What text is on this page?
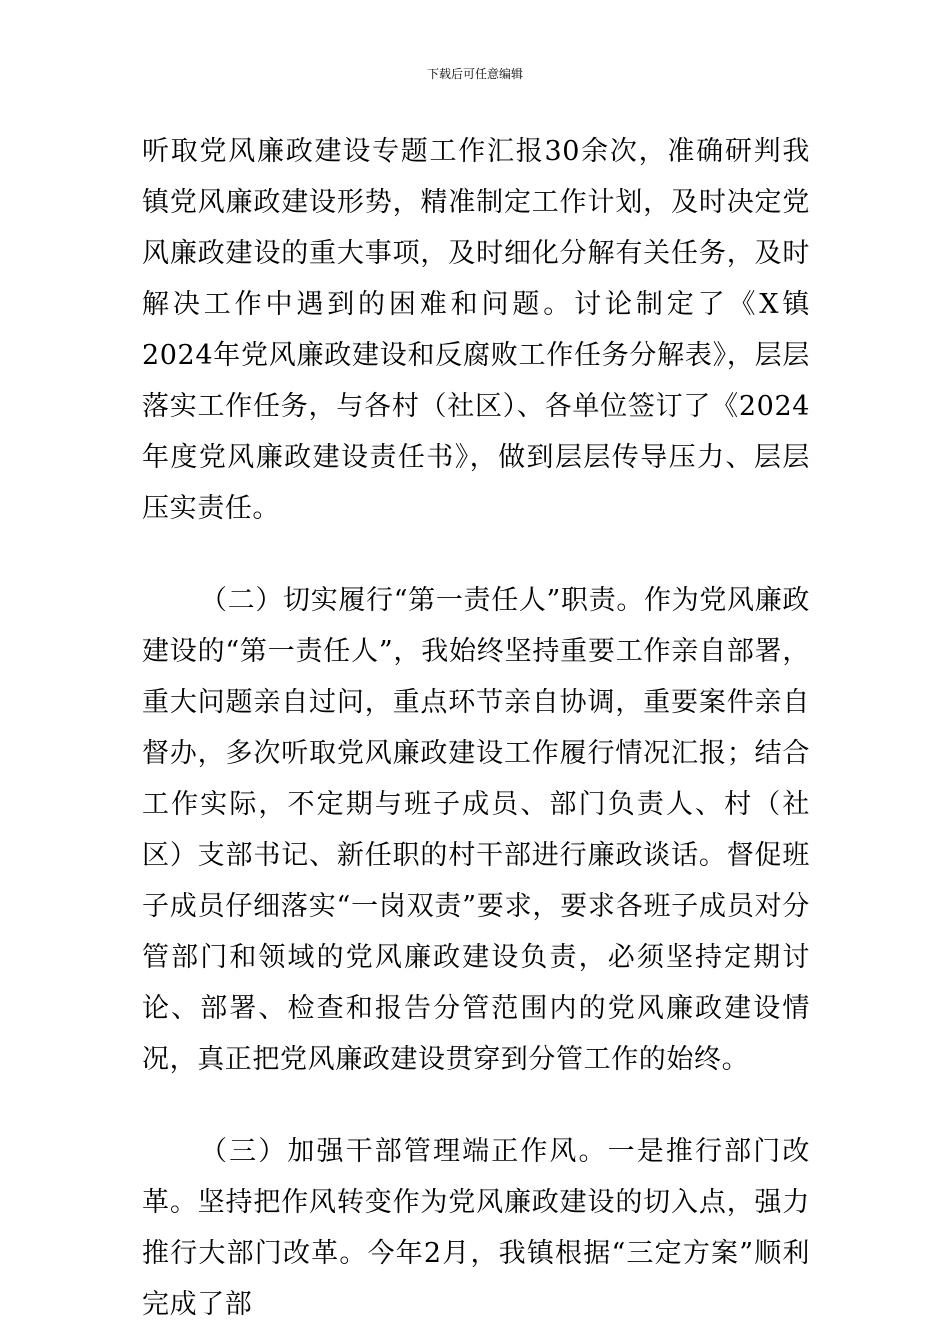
下载后可任意编辑

听取党风廉政建设专题工作汇报30余次，准确研判我镇党风廉政建设形势，精准制定工作计划，及时决定党风廉政建设的重大事项，及时细化分解有关任务，及时解决工作中遇到的困难和问题。讨论制定了《X镇2024年党风廉政建设和反腐败工作任务分解表》，层层落实工作任务，与各村（社区）、各单位签订了《2024年度党风廉政建设责任书》，做到层层传导压力、层层压实责任。

（二）切实履行“第一责任人”职责。作为党风廉政建设的“第一责任人”，我始终坚持重要工作亲自部署，重大问题亲自过问，重点环节亲自协调，重要案件亲自督办，多次听取党风廉政建设工作履行情况汇报；结合工作实际，不定期与班子成员、部门负责人、村（社区）支部书记、新任职的村干部进行廉政谈话。督促班子成员仔细落实“一岗双责”要求，要求各班子成员对分管部门和领域的党风廉政建设负责，必须坚持定期讨论、部署、检查和报告分管范围内的党风廉政建设情况，真正把党风廉政建设贯穿到分管工作的始终。

（三）加强干部管理端正作风。一是推行部门改革。坚持把作风转变作为党风廉政建设的切入点，强力推行大部门改革。今年2月，我镇根据“三定方案”顺利完成了部
